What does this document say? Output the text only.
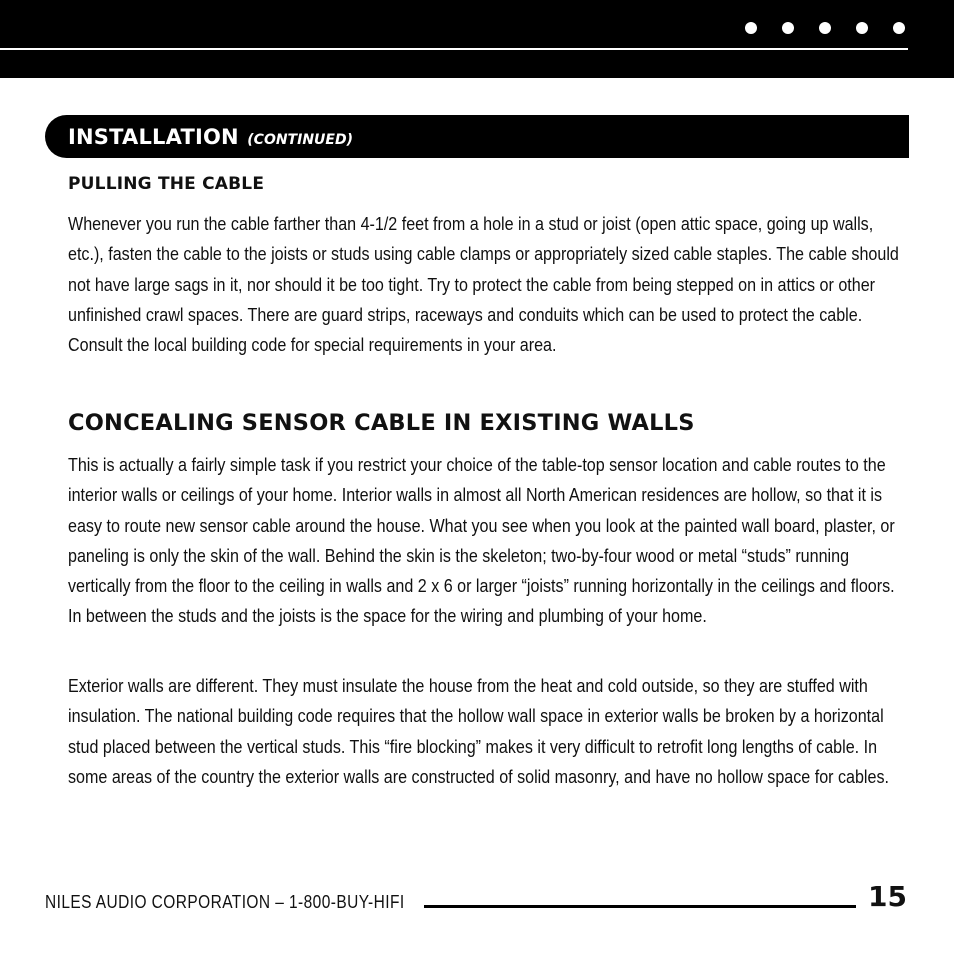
INSTALLATION (CONTINUED)
PULLING THE CABLE

Whenever you run the cable farther than 4-1/2 feet from a hole in a stud or joist (open attic space, going up walls, etc.), fasten the cable to the joists or studs using cable clamps or appropriately sized cable staples. The cable should not have large sags in it, nor should it be too tight. Try to protect the cable from being stepped on in attics or other unfinished crawl spaces. There are guard strips, raceways and conduits which can be used to protect the cable. Consult the local building code for special requirements in your area.

CONCEALING SENSOR CABLE IN EXISTING WALLS

This is actually a fairly simple task if you restrict your choice of the table-top sensor location and cable routes to the interior walls or ceilings of your home. Interior walls in almost all North American residences are hollow, so that it is easy to route new sensor cable around the house. What you see when you look at the painted wall board, plaster, or paneling is only the skin of the wall. Behind the skin is the skeleton; two-by-four wood or metal “studs” running vertically from the floor to the ceiling in walls and 2 x 6 or larger “joists” running horizontally in the ceilings and floors. In between the studs and the joists is the space for the wiring and plumbing of your home.

Exterior walls are different. They must insulate the house from the heat and cold outside, so they are stuffed with insulation. The national building code requires that the hollow wall space in exterior walls be broken by a horizontal stud placed between the vertical studs. This “fire blocking” makes it very difficult to retrofit long lengths of cable. In some areas of the country the exterior walls are constructed of solid masonry, and have no hollow space for cables.

NILES AUDIO CORPORATION – 1-800-BUY-HIFI	15
